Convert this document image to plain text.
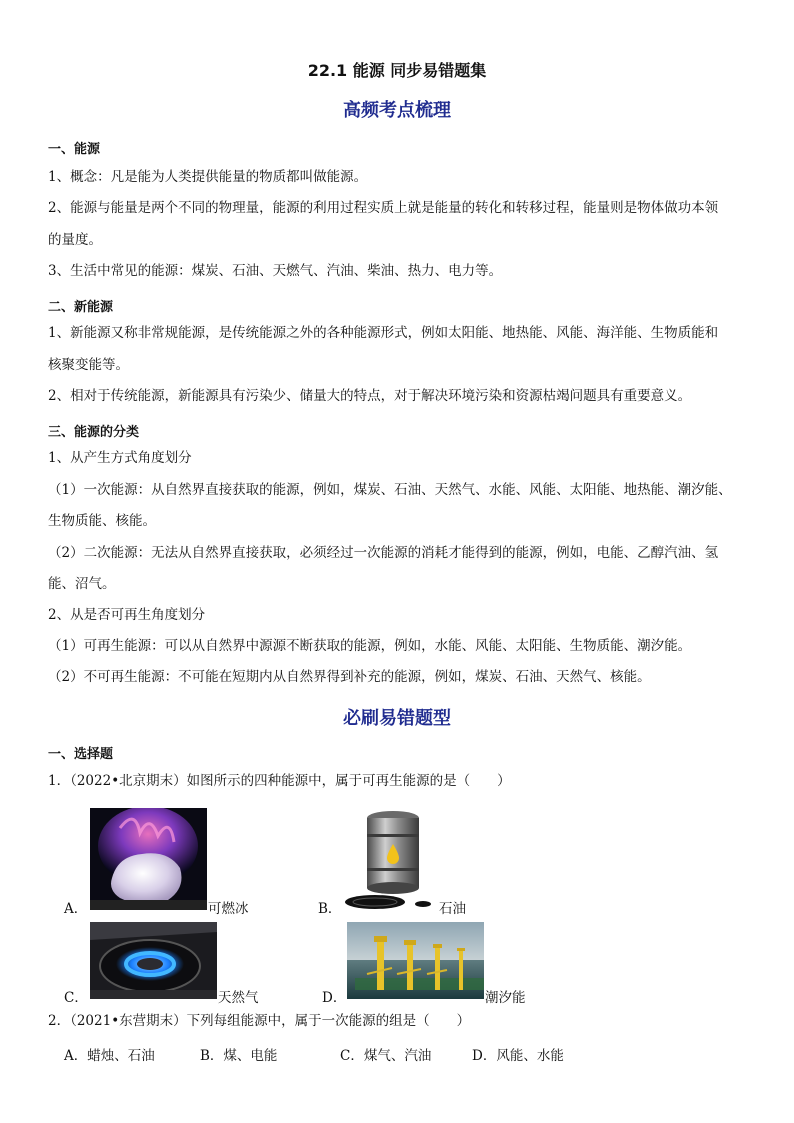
22.1 能源 同步易错题集
高频考点梳理
一、能源
1、概念：凡是能为人类提供能量的物质都叫做能源。
2、能源与能量是两个不同的物理量，能源的利用过程实质上就是能量的转化和转移过程，能量则是物体做功本领
的量度。
3、生活中常见的能源：煤炭、石油、天燃气、汽油、柴油、热力、电力等。
二、新能源
1、新能源又称非常规能源，是传统能源之外的各种能源形式，例如太阳能、地热能、风能、海洋能、生物质能和
核聚变能等。
2、相对于传统能源，新能源具有污染少、储量大的特点，对于解决环境污染和资源枯竭问题具有重要意义。
三、能源的分类
1、从产生方式角度划分
（1）一次能源：从自然界直接获取的能源，例如，煤炭、石油、天然气、水能、风能、太阳能、地热能、潮汐能、
生物质能、核能。
（2）二次能源：无法从自然界直接获取，必须经过一次能源的消耗才能得到的能源，例如，电能、乙醇汽油、氢
能、沼气。
2、从是否可再生角度划分
（1）可再生能源：可以从自然界中源源不断获取的能源，例如，水能、风能、太阳能、生物质能、潮汐能。
（2）不可再生能源：不可能在短期内从自然界得到补充的能源，例如，煤炭、石油、天然气、核能。
必刷易错题型
一、选择题
1．（2022•北京期末）如图所示的四种能源中，属于可再生能源的是（　　）
A．	可燃冰	B．	石油
C．	天然气	D．	潮汐能
2．（2021•东营期末）下列每组能源中，属于一次能源的组是（　　）
A．蜡烛、石油	B．煤、电能	C．煤气、汽油	D．风能、水能
